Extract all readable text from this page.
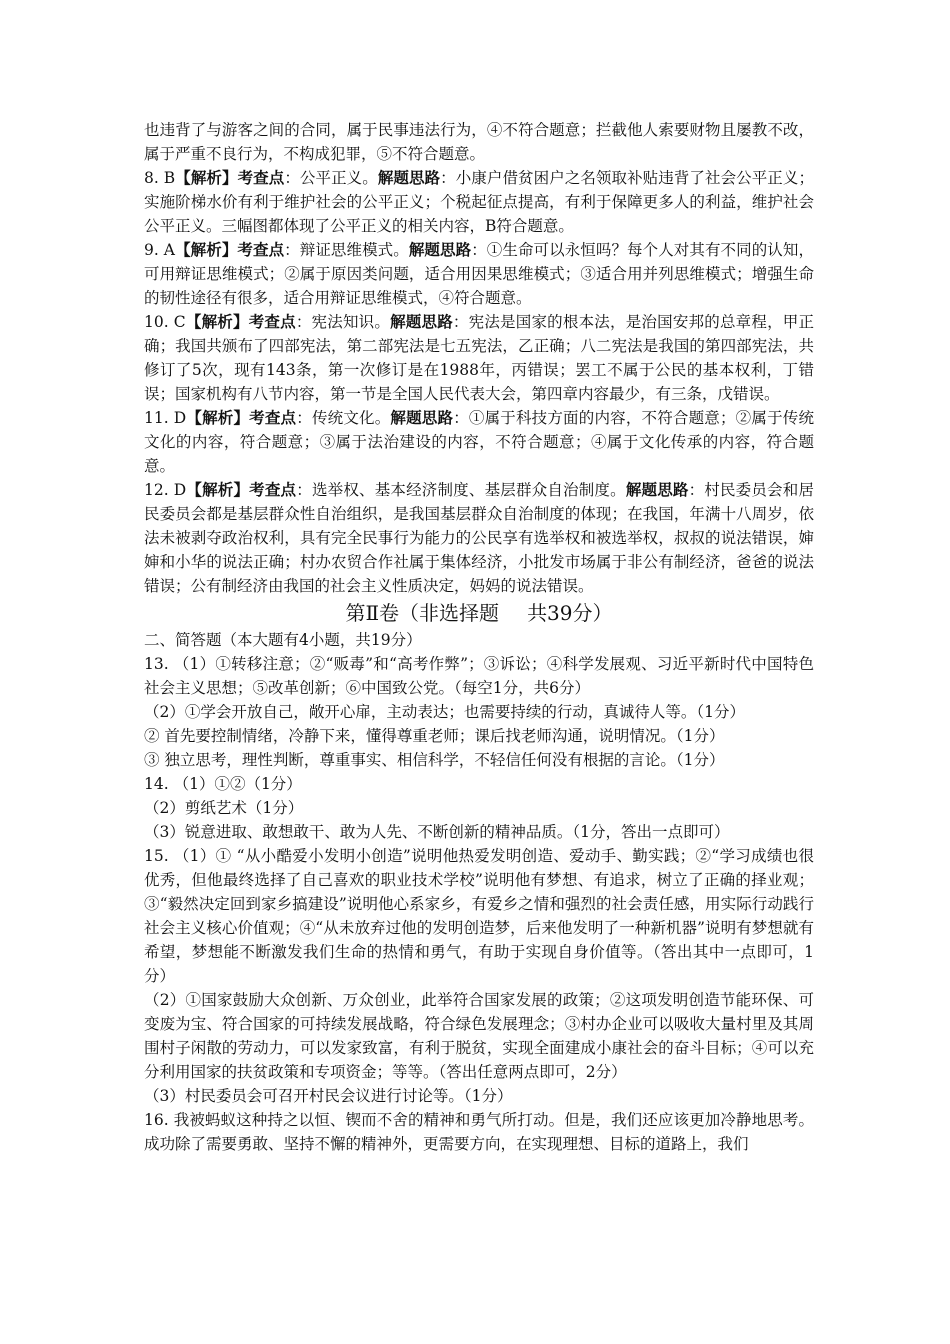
也违背了与游客之间的合同，属于民事违法行为，④不符合题意；拦截他人索要财物且屡教不改，属于严重不良行为，不构成犯罪，⑤不符合题意。

8. B【解析】考查点：公平正义。解题思路：小康户借贫困户之名领取补贴违背了社会公平正义；实施阶梯水价有利于维护社会的公平正义；个税起征点提高，有利于保障更多人的利益，维护社会公平正义。三幅图都体现了公平正义的相关内容，B符合题意。

9. A【解析】考查点：辩证思维模式。解题思路：①生命可以永恒吗？每个人对其有不同的认知，可用辩证思维模式；②属于原因类问题，适合用因果思维模式；③适合用并列思维模式；增强生命的韧性途径有很多，适合用辩证思维模式，④符合题意。

10. C【解析】考查点：宪法知识。解题思路：宪法是国家的根本法，是治国安邦的总章程，甲正确；我国共颁布了四部宪法，第二部宪法是七五宪法，乙正确；八二宪法是我国的第四部宪法，共修订了5次，现有143条，第一次修订是在1988年，丙错误；罢工不属于公民的基本权利，丁错误；国家机构有八节内容，第一节是全国人民代表大会，第四章内容最少，有三条，戊错误。

11. D【解析】考查点：传统文化。解题思路：①属于科技方面的内容，不符合题意；②属于传统文化的内容，符合题意；③属于法治建设的内容，不符合题意；④属于文化传承的内容，符合题意。

12. D【解析】考查点：选举权、基本经济制度、基层群众自治制度。解题思路：村民委员会和居民委员会都是基层群众性自治组织，是我国基层群众自治制度的体现；在我国，年满十八周岁，依法未被剥夺政治权利，具有完全民事行为能力的公民享有选举权和被选举权，叔叔的说法错误，婶婶和小华的说法正确；村办农贸合作社属于集体经济，小批发市场属于非公有制经济，爸爸的说法错误；公有制经济由我国的社会主义性质决定，妈妈的说法错误。

第Ⅱ卷（非选择题 共39分）

二、简答题（本大题有4小题，共19分）

13. （1）①转移注意；②“贩毒”和“高考作弊”；③诉讼；④科学发展观、习近平新时代中国特色社会主义思想；⑤改革创新；⑥中国致公党。（每空1分，共6分）

（2）①学会开放自己，敞开心扉，主动表达；也需要持续的行动，真诚待人等。（1分）

② 首先要控制情绪，冷静下来，懂得尊重老师；课后找老师沟通，说明情况。（1分）

③ 独立思考，理性判断，尊重事实、相信科学，不轻信任何没有根据的言论。（1分）

14. （1）①②（1分）

（2）剪纸艺术（1分）

（3）锐意进取、敢想敢干、敢为人先、不断创新的精神品质。（1分，答出一点即可）

15. （1）① “从小酷爱小发明小创造”说明他热爱发明创造、爱动手、勤实践；②“学习成绩也很优秀，但他最终选择了自己喜欢的职业技术学校”说明他有梦想、有追求，树立了正确的择业观；③“毅然决定回到家乡搞建设”说明他心系家乡，有爱乡之情和强烈的社会责任感，用实际行动践行社会主义核心价值观；④“从未放弃过他的发明创造梦，后来他发明了一种新机器”说明有梦想就有希望，梦想能不断激发我们生命的热情和勇气，有助于实现自身价值等。（答出其中一点即可，1分）

（2）①国家鼓励大众创新、万众创业，此举符合国家发展的政策；②这项发明创造节能环保、可变废为宝、符合国家的可持续发展战略，符合绿色发展理念；③村办企业可以吸收大量村里及其周围村子闲散的劳动力，可以发家致富，有利于脱贫，实现全面建成小康社会的奋斗目标；④可以充分利用国家的扶贫政策和专项资金；等等。（答出任意两点即可，2分）

（3）村民委员会可召开村民会议进行讨论等。（1分）

16. 我被蚂蚁这种持之以恒、锲而不舍的精神和勇气所打动。但是，我们还应该更加冷静地思考。成功除了需要勇敢、坚持不懈的精神外，更需要方向，在实现理想、目标的道路上，我们
